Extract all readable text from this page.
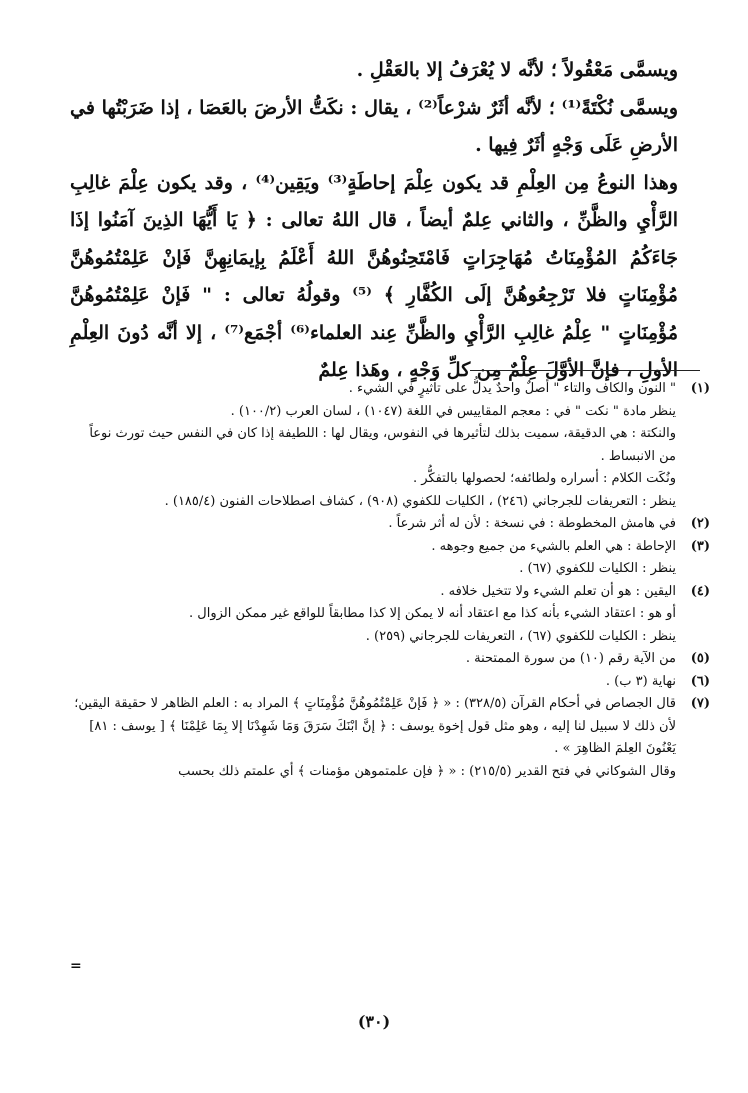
ويسمَّى مَعْقُولاً ؛ لأنَّه لا يُعْرَفُ إلا بالعَقْلِ .

ويسمَّى نُكْتَةً⁽¹⁾ ؛ لأنَّه أثَرٌ شرْعاً⁽²⁾ ، يقال : نكَتُّ الأرضَ بالعَصَا ، إذا ضَرَبْتُها في الأرضِ عَلَى وَجْهٍ أثَرٌ فِيها .

وهذا النوعُ مِن العِلْمِ قد يكون عِلْمَ إحاطَةٍ⁽³⁾ ويَقِين⁽⁴⁾ ، وقد يكون عِلْمَ غالِبِ الرَّأْيِ والظَّنِّ ، والثاني عِلمٌ أيضاً ، قال اللهُ تعالى : ﴿ يَا أَيُّهَا الذِينَ آمَنُوا إذَا جَاءَكُمُ المُؤْمِنَاتُ مُهَاجِرَاتٍ فَامْتَحِنُوهُنَّ اللهُ أَعْلَمُ بِإيمَانِهِنَّ فَإنْ عَلِمْتُمُوهُنَّ مُؤْمِنَاتٍ فلا تَرْجِعُوهُنَّ إلَى الكُفَّارِ ﴾ ⁽⁵⁾ وقولُهُ تعالى : " فَإنْ عَلِمْتُمُوهُنَّ مُؤْمِنَاتٍ " عِلْمُ غالِبِ الرَّأْيِ والظَّنِّ عِند العلماء⁽⁶⁾ أجْمَع⁽⁷⁾ ، إلا أنَّه دُونَ العِلْمِ الأولِ ، فإنَّ الأوَّلَ عِلْمٌ مِن كلِّ وَجْهٍ ، وهَذا عِلمٌ

(١)

" النون والكاف والتاء " أصلٌ واحدٌ يدلُّ على تأثيرٍ في الشيء .

ينظر مادة " نكت " في : معجم المقاييس في اللغة (١٠٤٧) ، لسان العرب (١٠٠/٢) .

والنكتة : هي الدقيقة، سميت بذلك لتأثيرها في النفوس، ويقال لها : اللطيفة إذا كان في النفس حيث تورث نوعاً من الانبساط .

ونُكَت الكلام : أسراره ولطائفه؛ لحصولها بالتفكُّر .

ينظر : التعريفات للجرجاني (٢٤٦) ، الكليات للكفوي (٩٠٨) ، كشاف اصطلاحات الفنون (١٨٥/٤) .

(٢)

في هامش المخطوطة : في نسخة : لأن له أثر شرعاً .

(٣)

الإحاطة : هي العلم بالشيء من جميع وجوهه .

ينظر : الكليات للكفوي (٦٧) .

(٤)

اليقين : هو أن تعلم الشيء ولا تتخيل خلافه .

أو هو : اعتقاد الشيء بأنه كذا مع اعتقاد أنه لا يمكن إلا كذا مطابقاً للواقع غير ممكن الزوال .

ينظر : الكليات للكفوي (٦٧) ، التعريفات للجرجاني (٢٥٩) .

(٥)

من الآية رقم (١٠) من سورة الممتحنة .

(٦)

نهاية (٣ ب) .

(٧)

قال الجصاص في أحكام القرآن (٣٢٨/٥) : « ﴿ فَإنْ عَلِمْتُمُوهُنَّ مُؤْمِنَاتٍ ﴾ المراد به : العلم الظاهر لا حقيقة اليقين؛ لأن ذلك لا سبيل لنا إليه ، وهو مثل قول إخوة يوسف : ﴿ إنَّ ابْنَكَ سَرَقَ وَمَا شَهِدْنَا إلا بِمَا عَلِمْنَا ﴾ [ يوسف : ٨١] يَعْنُونَ العِلمَ الظاهِرَ » .

وقال الشوكاني في فتح القدير (٢١٥/٥) : « ﴿ فإن علمتموهن مؤمنات ﴾ أي علمتم ذلك بحسب

=
(٣٠)
